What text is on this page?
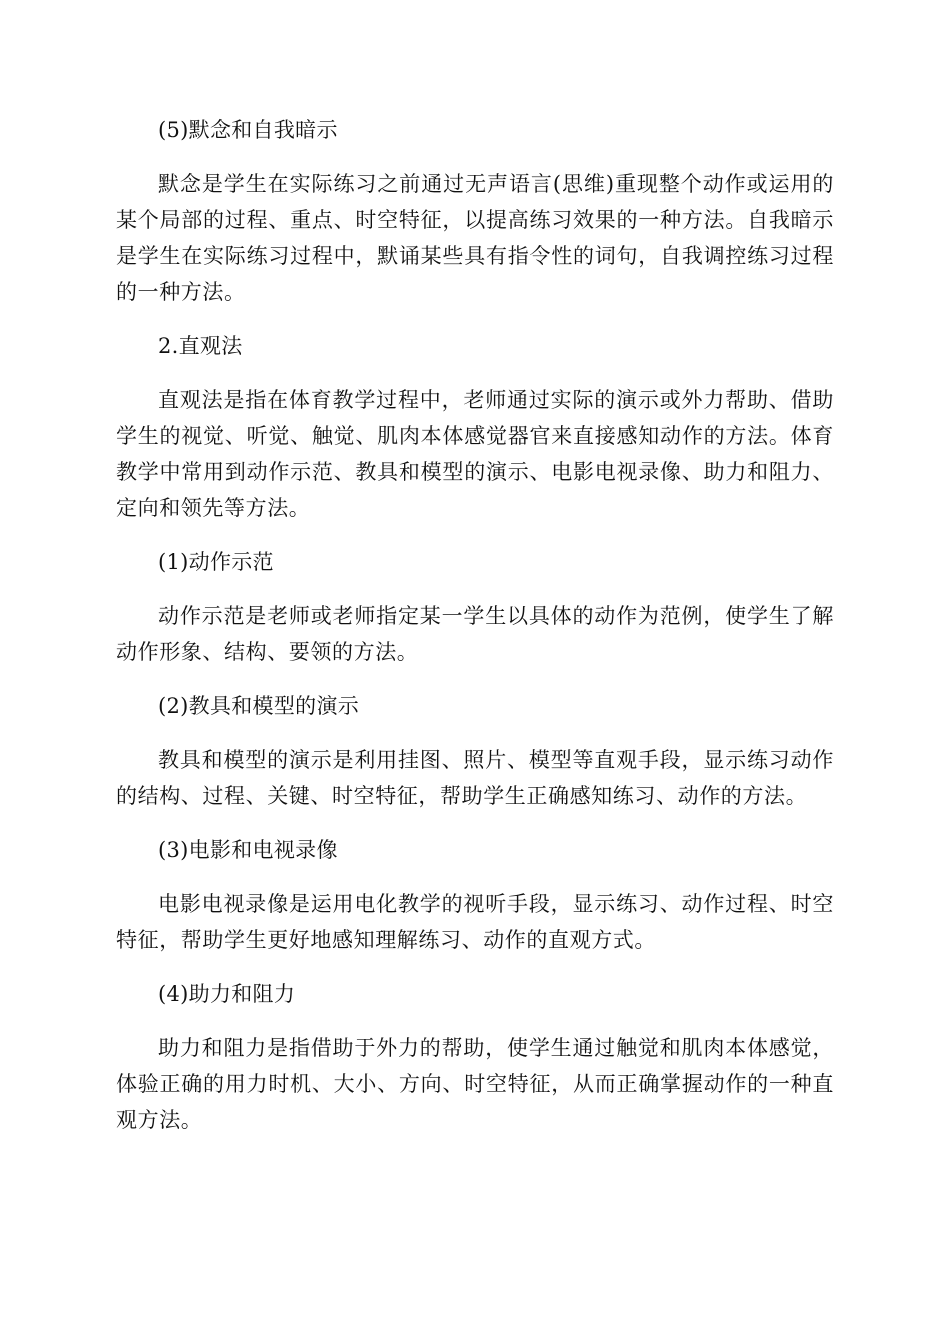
(5)默念和自我暗示

默念是学生在实际练习之前通过无声语言(思维)重现整个动作或运用的某个局部的过程、重点、时空特征，以提高练习效果的一种方法。自我暗示是学生在实际练习过程中，默诵某些具有指令性的词句，自我调控练习过程的一种方法。

2.直观法

直观法是指在体育教学过程中，老师通过实际的演示或外力帮助、借助学生的视觉、听觉、触觉、肌肉本体感觉器官来直接感知动作的方法。体育教学中常用到动作示范、教具和模型的演示、电影电视录像、助力和阻力、定向和领先等方法。

(1)动作示范

动作示范是老师或老师指定某一学生以具体的动作为范例，使学生了解动作形象、结构、要领的方法。

(2)教具和模型的演示

教具和模型的演示是利用挂图、照片、模型等直观手段，显示练习动作的结构、过程、关键、时空特征，帮助学生正确感知练习、动作的方法。

(3)电影和电视录像

电影电视录像是运用电化教学的视听手段，显示练习、动作过程、时空特征，帮助学生更好地感知理解练习、动作的直观方式。

(4)助力和阻力

助力和阻力是指借助于外力的帮助，使学生通过触觉和肌肉本体感觉，体验正确的用力时机、大小、方向、时空特征，从而正确掌握动作的一种直观方法。
